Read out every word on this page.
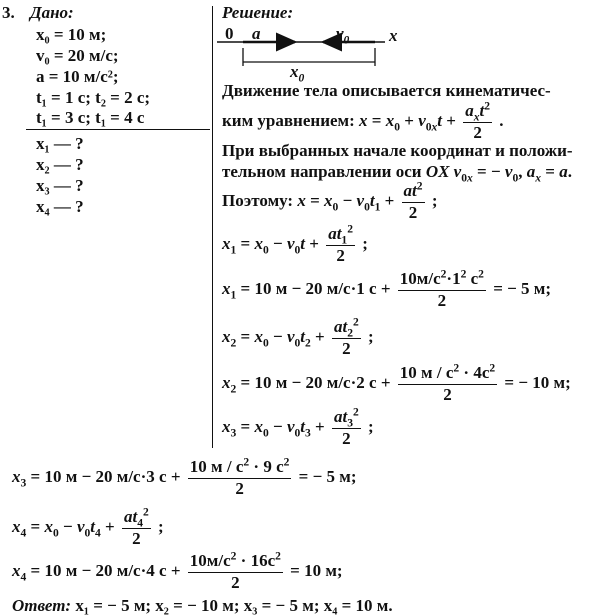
3. Дано:
x₀ = 10 м;
v₀ = 20 м/с;
a = 10 м/с²;
t₁ = 1 с; t₂ = 2 с;
t₁ = 3 с; t₁ = 4 с
x₁ — ?
x₂ — ?
x₃ — ?
x₄ — ?
Решение:
0 a	$v_0$ x
$x_0$
Движение тела описывается кинематичес-
ким уравнением: $x = x_0 + v_{0x}t + \frac{a_xt^2}{2}$ .
При выбранных начале координат и положи-
тельном направлении оси OX $v_{0x}$ = − $v_0$, $a_x = a$.
Поэтому: $x = x_0 - v_0t_1 + \frac{at^2}{2}$ ;
$x_1 = x_0 - v_0t + \frac{at_1^2}{2}$ ;
$x_1 = 10$ м − 20 м/с·1 $с + \frac{10м/с^2\cdot 1^2 c^2}{2}$ = − 5 м;
$x_2 = x_0 - v_0t_2 + \frac{at_2^2}{2}$ ;
$x_2 = 10$ м − 20 м/с·2 $с + \frac{10 м / с^2 \cdot 4с^2}{2}$ = − 10 м;
$x_3 = x_0 - v_0t_3 + \frac{at_3^2}{2}$ ;
$x_3 = 10$ м − 20 м/с·3 $с + \frac{10 м / с^2 \cdot 9 с^2}{2}$ = − 5 м;
$x_4 = x_0 - v_0t_4 + \frac{at_4^2}{2}$ ;
$x_4 = 10$ м − 20 м/с·4 $с + \frac{10м/с^2 \cdot 16с^2}{2} = 10$ м;
Ответ: x₁ = − 5 м; x₂ = − 10 м; x₃ = − 5 м; x₄ = 10 м.
